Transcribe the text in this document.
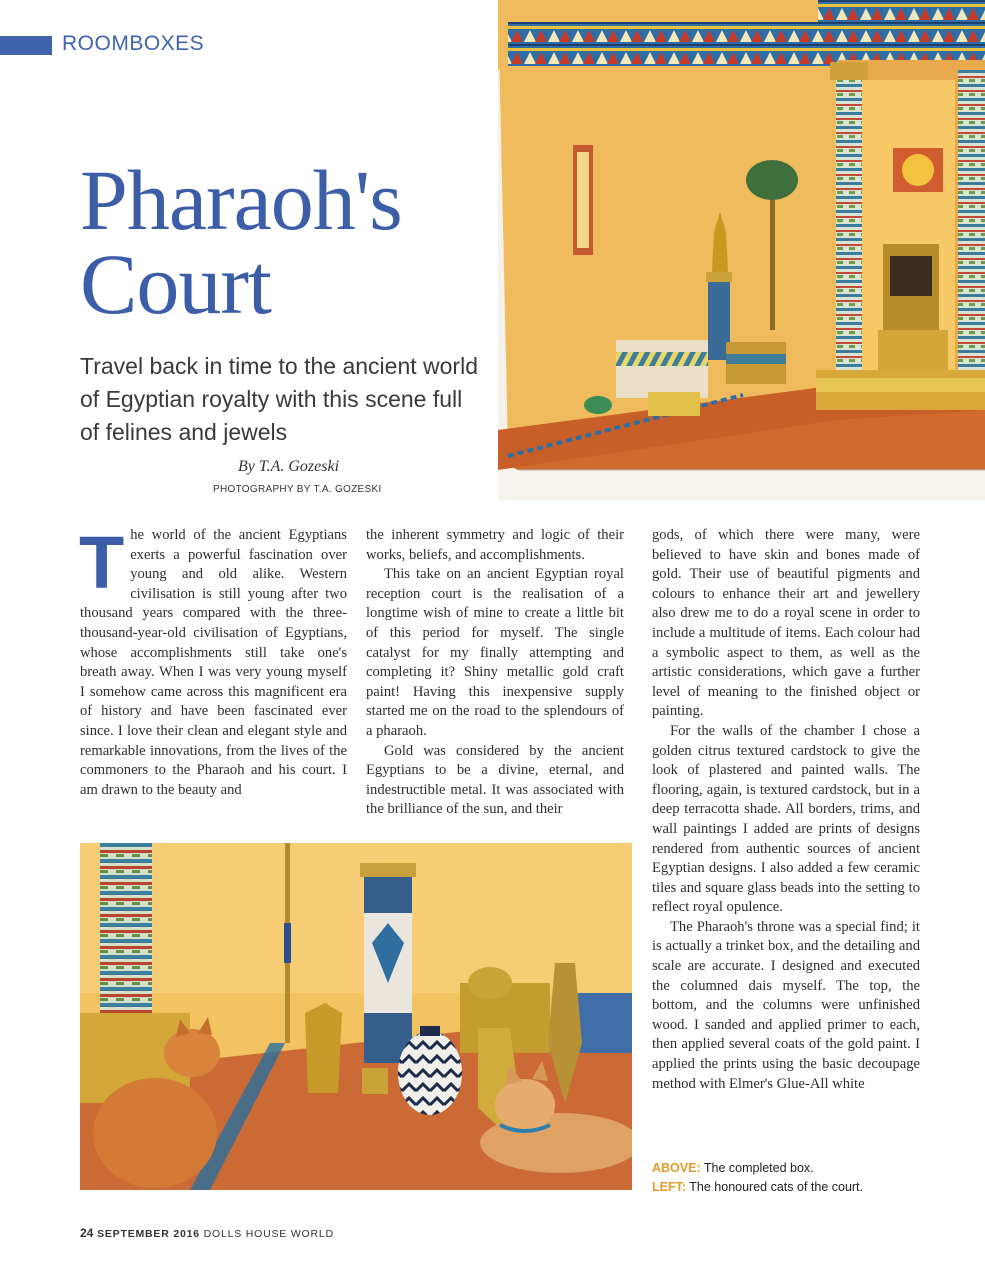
ROOMBOXES
Pharaoh's
Court

Travel back in time to the ancient world of Egyptian royalty with this scene full of felines and jewels

By T.A. Gozeski
PHOTOGRAPHY BY T.A. GOZESKI
T he world of the ancient Egyptians exerts a powerful fascination over young and old alike. Western civilisation is still young after two thousand years compared with the three-thousand-year-old civilisation of Egyptians, whose accomplishments still take one's breath away. When I was very young myself I somehow came across this magnificent era of history and have been fascinated ever since. I love their clean and elegant style and remarkable innovations, from the lives of the commoners to the Pharaoh and his court. I am drawn to the beauty and

the inherent symmetry and logic of their works, beliefs, and accomplishments.

This take on an ancient Egyptian royal reception court is the realisation of a longtime wish of mine to create a little bit of this period for myself. The single catalyst for my finally attempting and completing it? Shiny metallic gold craft paint! Having this inexpensive supply started me on the road to the splendours of a pharaoh.

Gold was considered by the ancient Egyptians to be a divine, eternal, and indestructible metal. It was associated with the brilliance of the sun, and their

gods, of which there were many, were believed to have skin and bones made of gold. Their use of beautiful pigments and colours to enhance their art and jewellery also drew me to do a royal scene in order to include a multitude of items. Each colour had a symbolic aspect to them, as well as the artistic considerations, which gave a further level of meaning to the finished object or painting.

For the walls of the chamber I chose a golden citrus textured cardstock to give the look of plastered and painted walls. The flooring, again, is textured cardstock, but in a deep terracotta shade. All borders, trims, and wall paintings I added are prints of designs rendered from authentic sources of ancient Egyptian designs. I also added a few ceramic tiles and square glass beads into the setting to reflect royal opulence.

The Pharaoh's throne was a special find; it is actually a trinket box, and the detailing and scale are accurate. I designed and executed the columned dais myself. The top, the bottom, and the columns were unfinished wood. I sanded and applied primer to each, then applied several coats of the gold paint. I applied the prints using the basic decoupage method with Elmer's Glue-All white

ABOVE: The completed box.
LEFT: The honoured cats of the court.
24 SEPTEMBER 2016 DOLLS HOUSE WORLD
